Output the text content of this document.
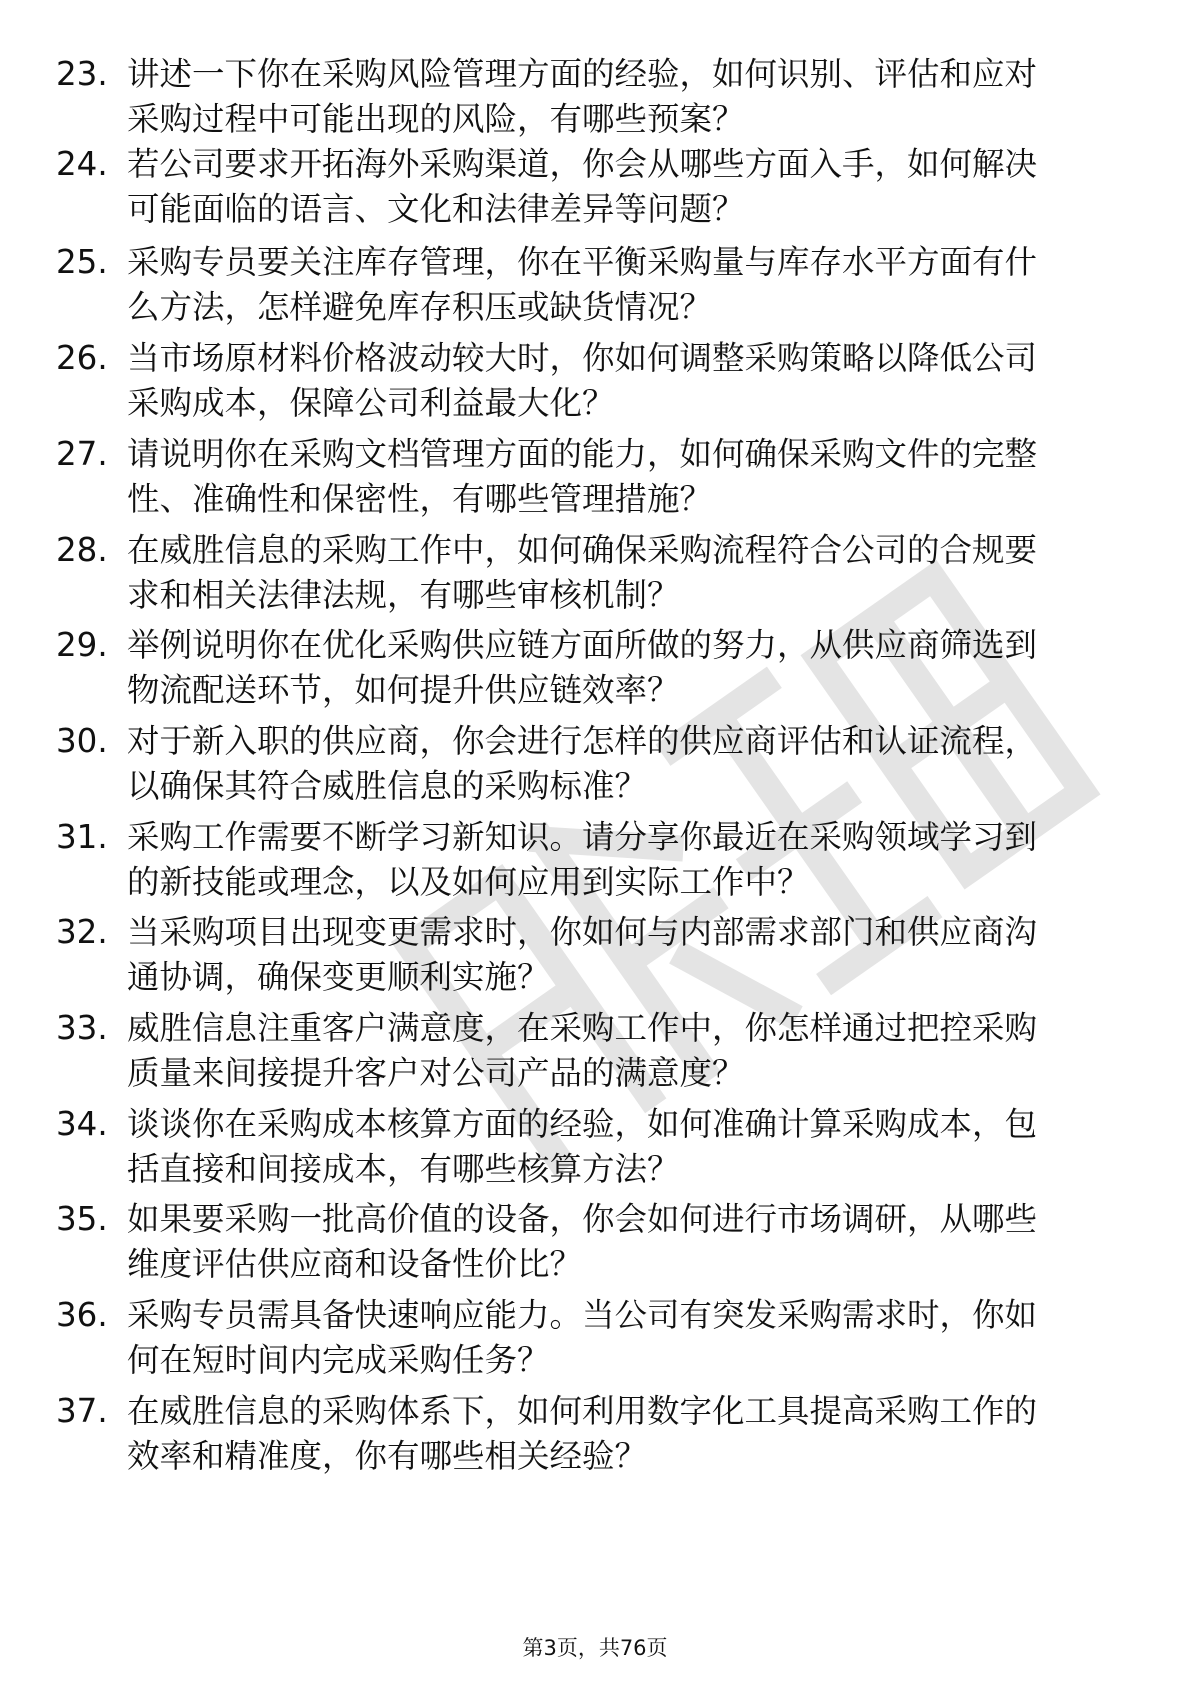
23. 讲述一下你在采购风险管理方面的经验，如何识别、评估和应对采购过程中可能出现的风险，有哪些预案？
24. 若公司要求开拓海外采购渠道，你会从哪些方面入手，如何解决可能面临的语言、文化和法律差异等问题？
25. 采购专员要关注库存管理，你在平衡采购量与库存水平方面有什么方法，怎样避免库存积压或缺货情况？
26. 当市场原材料价格波动较大时，你如何调整采购策略以降低公司采购成本，保障公司利益最大化？
27. 请说明你在采购文档管理方面的能力，如何确保采购文件的完整性、准确性和保密性，有哪些管理措施？
28. 在威胜信息的采购工作中，如何确保采购流程符合公司的合规要求和相关法律法规，有哪些审核机制？
29. 举例说明你在优化采购供应链方面所做的努力，从供应商筛选到物流配送环节，如何提升供应链效率？
30. 对于新入职的供应商，你会进行怎样的供应商评估和认证流程，以确保其符合威胜信息的采购标准？
31. 采购工作需要不断学习新知识。请分享你最近在采购领域学习到的新技能或理念，以及如何应用到实际工作中？
32. 当采购项目出现变更需求时，你如何与内部需求部门和供应商沟通协调，确保变更顺利实施？
33. 威胜信息注重客户满意度，在采购工作中，你怎样通过把控采购质量来间接提升客户对公司产品的满意度？
34. 谈谈你在采购成本核算方面的经验，如何准确计算采购成本，包括直接和间接成本，有哪些核算方法？
35. 如果要采购一批高价值的设备，你会如何进行市场调研，从哪些维度评估供应商和设备性价比？
36. 采购专员需具备快速响应能力。当公司有突发采购需求时，你如何在短时间内完成采购任务？
37. 在威胜信息的采购体系下，如何利用数字化工具提高采购工作的效率和精准度，你有哪些相关经验？
第3页，共76页
